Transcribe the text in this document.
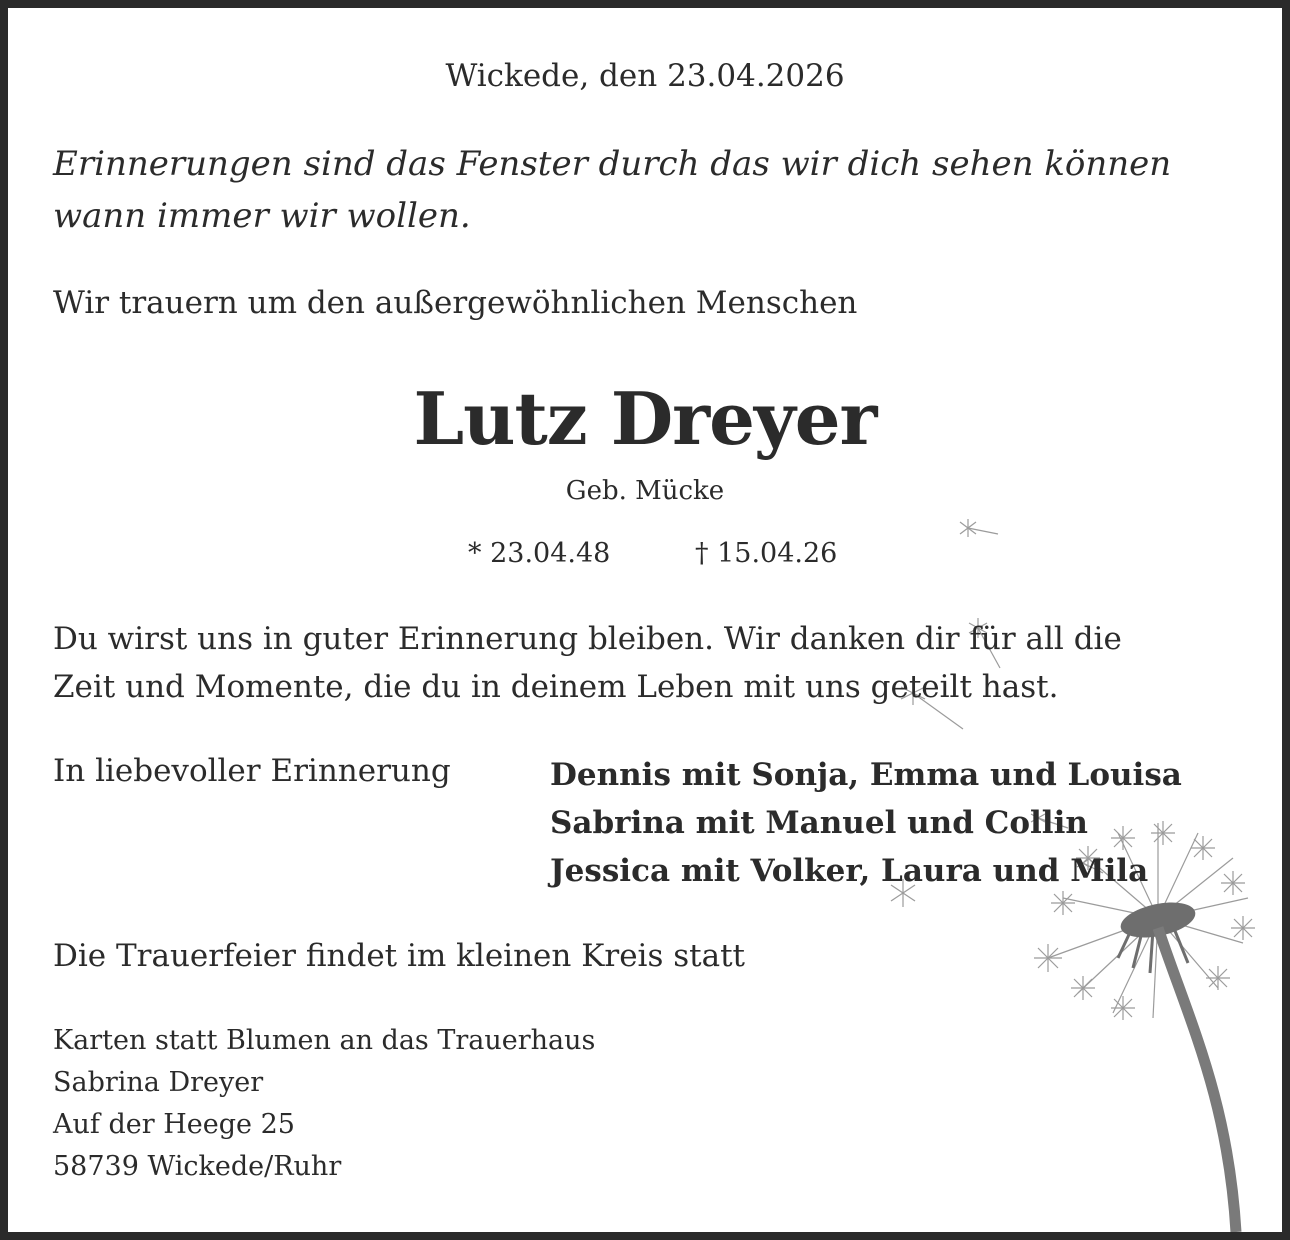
Wickede, den 23.04.2026
Erinnerungen sind das Fenster durch das wir dich sehen können wann immer wir wollen.
Wir trauern um den außergewöhnlichen Menschen
Lutz Dreyer
Geb. Mücke
* 23.04.48	† 15.04.26
Du wirst uns in guter Erinnerung bleiben. Wir danken dir für all die Zeit und Momente, die du in deinem Leben mit uns geteilt hast.
In liebevoller Erinnerung	Dennis mit Sonja, Emma und Louisa
Sabrina mit Manuel und Collin
Jessica mit Volker, Laura und Mila
Die Trauerfeier findet im kleinen Kreis statt
Karten statt Blumen an das Trauerhaus
Sabrina Dreyer
Auf der Heege 25
58739 Wickede/Ruhr
